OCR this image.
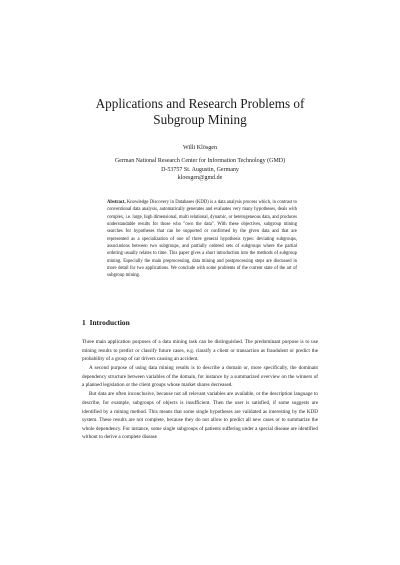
Applications and Research Problems of
Subgroup Mining
Willi Klösgen
German National Research Center for Information Technology (GMD)
D-53757 St. Augustin, Germany
kloesgen@gmd.de
Abstract. Knowledge Discovery in Databases (KDD) is a data analysis process which, in contrast to conventional data analysis, automatically generates and evaluates very many hypotheses, deals with complex, i.e. large, high dimensional, multi relational, dynamic, or heterogeneous data, and produces understandable results for those who "own the data". With these objectives, subgroup mining searches for hypotheses that can be supported or confirmed by the given data and that are represented as a specialization of one of three general hypothesis types: deviating subgroups, associations between two subgroups, and partially ordered sets of subgroups where the partial ordering usually relates to time. This paper gives a short introduction into the methods of subgroup mining. Especially the main preprocessing, data mining and postprocessing steps are discussed in more detail for two applications. We conclude with some problems of the current state of the art of subgroup mining.
1 Introduction

Three main application purposes of a data mining task can be distinguished. The predominant purpose is to use mining results to predict or classify future cases, e.g. classify a client or transaction as fraudulent or predict the probability of a group of car drivers causing an accident.

A second purpose of using data mining results is to describe a domain or, more specifically, the dominant dependency structure between variables of the domain, for instance by a summarized overview on the winners of a planned legislation or the client groups whose market shares decreased.

But data are often inconclusive, because not all relevant variables are available, or the description language to describe, for example, subgroups of objects is insufficient. Then the user is satisfied, if some suggests are identified by a mining method. This means that some single hypotheses are validated as interesting by the KDD system. These results are not complete, because they do not allow to predict all new cases or to summarize the whole dependency. For instance, some single subgroups of patients suffering under a special disease are identified without to derive a complete disease
